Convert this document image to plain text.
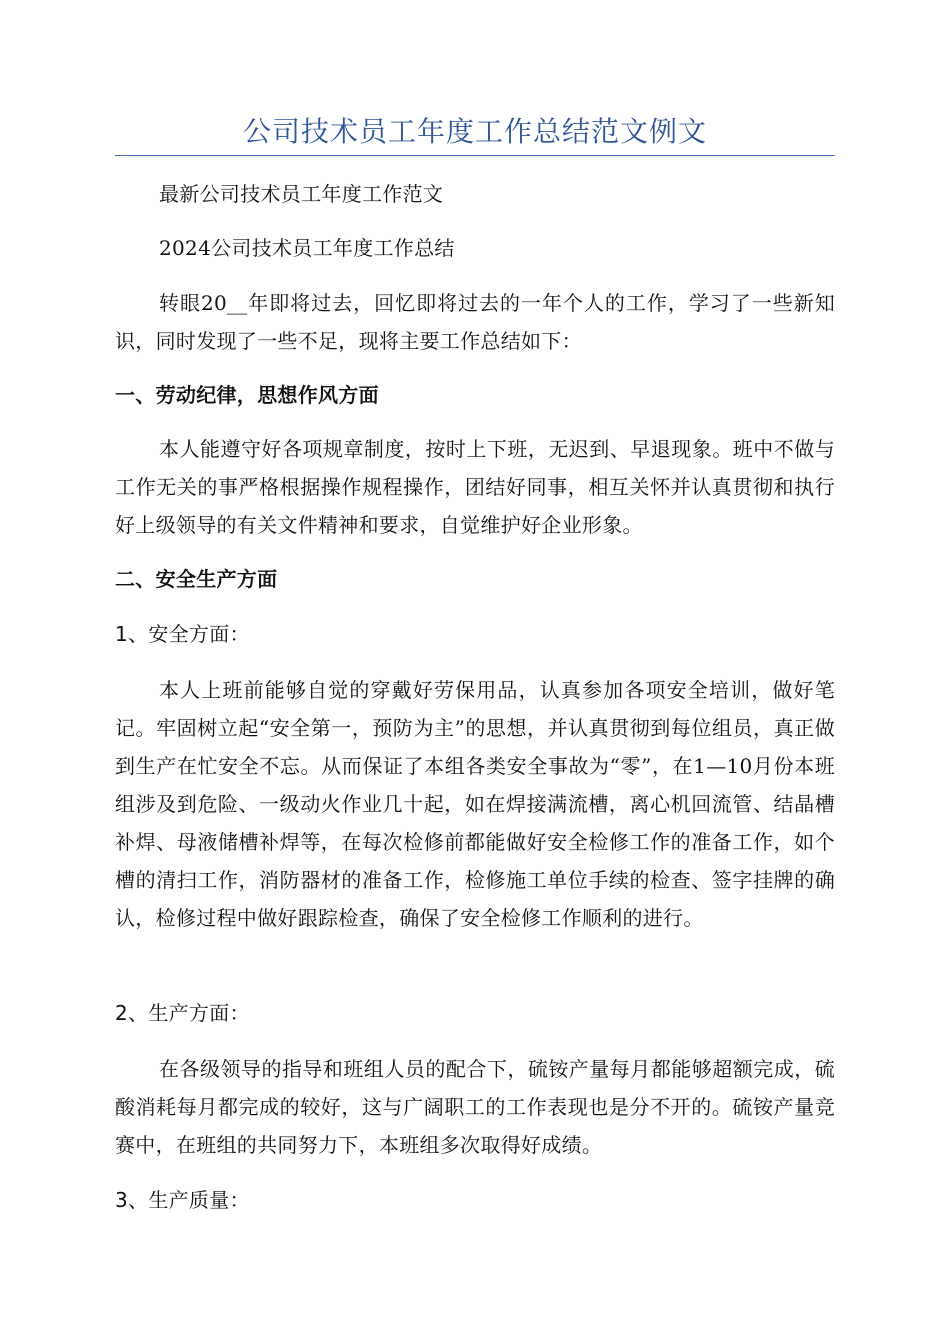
公司技术员工年度工作总结范文例文

最新公司技术员工年度工作范文

2024公司技术员工年度工作总结

转眼20__年即将过去，回忆即将过去的一年个人的工作，学习了一些新知识，同时发现了一些不足，现将主要工作总结如下：

一、劳动纪律，思想作风方面

本人能遵守好各项规章制度，按时上下班，无迟到、早退现象。班中不做与工作无关的事严格根据操作规程操作，团结好同事，相互关怀并认真贯彻和执行好上级领导的有关文件精神和要求，自觉维护好企业形象。

二、安全生产方面

1、安全方面：

本人上班前能够自觉的穿戴好劳保用品，认真参加各项安全培训，做好笔记。牢固树立起“安全第一，预防为主”的思想，并认真贯彻到每位组员，真正做到生产在忙安全不忘。从而保证了本组各类安全事故为“零”，在1—10月份本班组涉及到危险、一级动火作业几十起，如在焊接满流槽，离心机回流管、结晶槽补焊、母液储槽补焊等，在每次检修前都能做好安全检修工作的准备工作，如个槽的清扫工作，消防器材的准备工作，检修施工单位手续的检查、签字挂牌的确认，检修过程中做好跟踪检查，确保了安全检修工作顺利的进行。

2、生产方面：

在各级领导的指导和班组人员的配合下，硫铵产量每月都能够超额完成，硫酸消耗每月都完成的较好，这与广阔职工的工作表现也是分不开的。硫铵产量竞赛中，在班组的共同努力下，本班组多次取得好成绩。

3、生产质量：
